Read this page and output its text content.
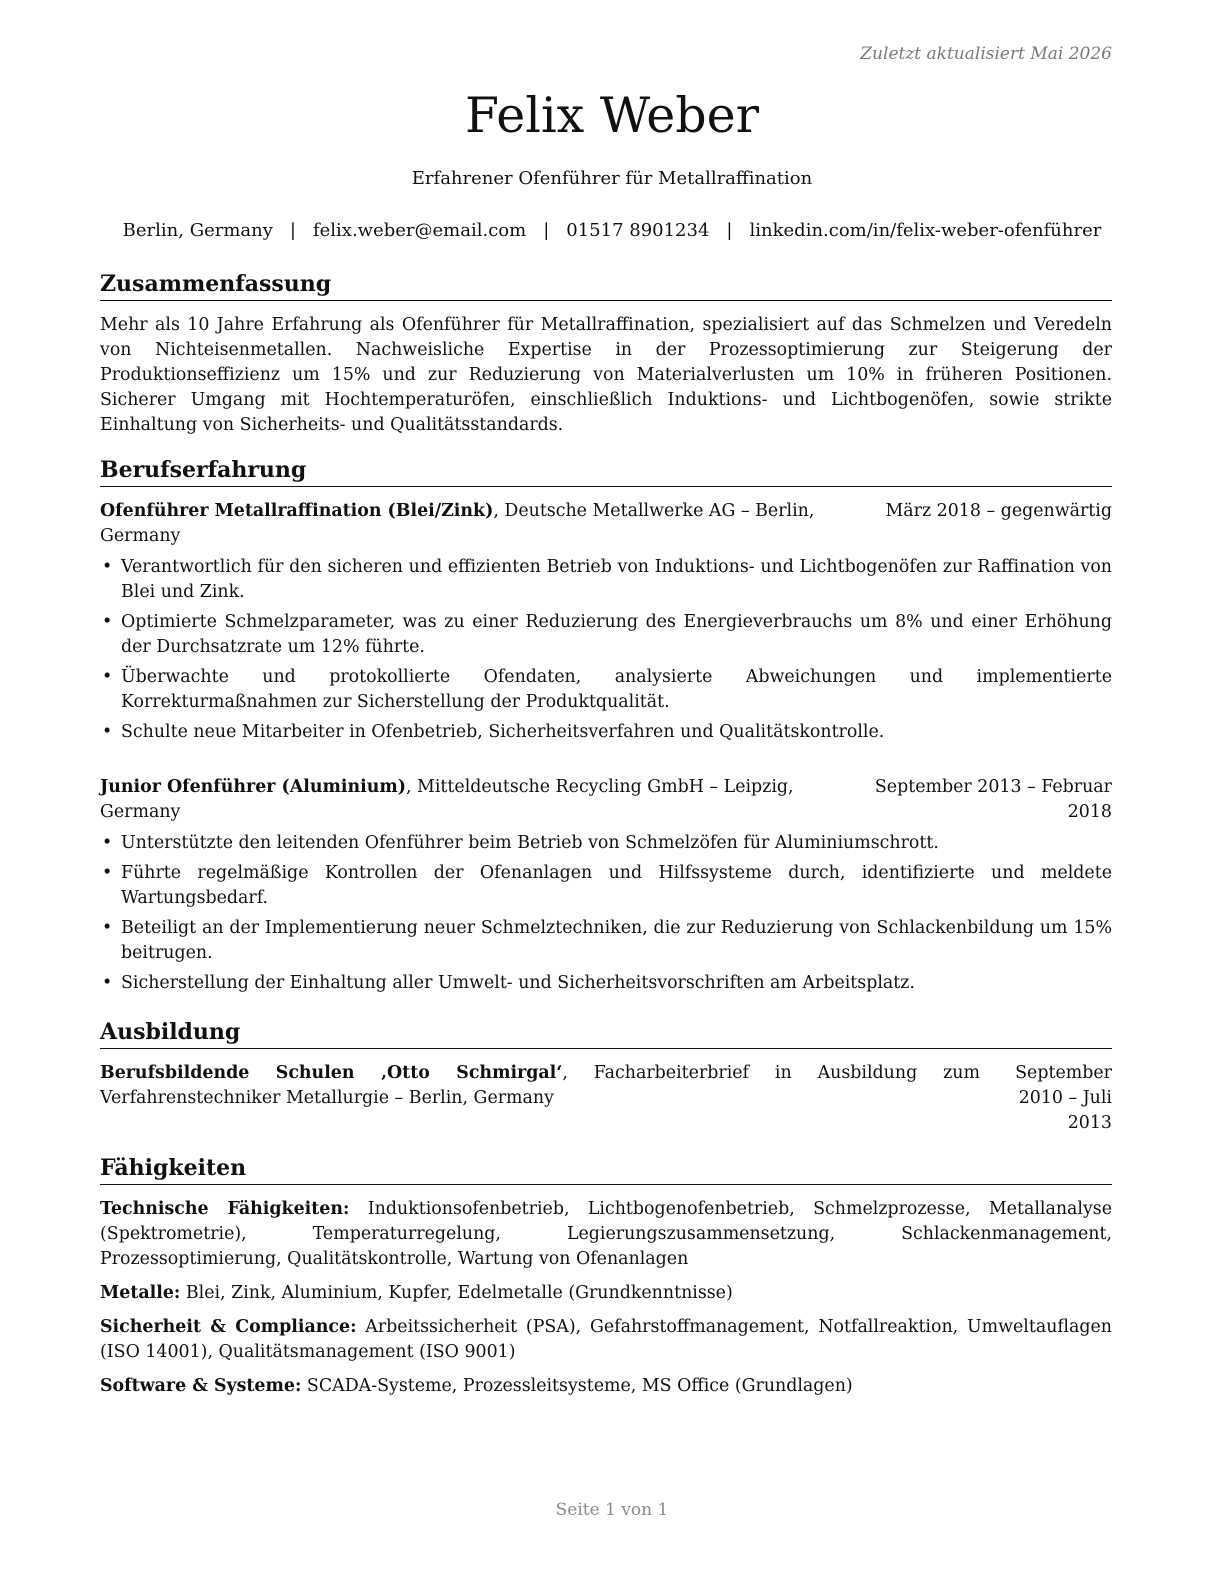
Zuletzt aktualisiert Mai 2026
Felix Weber
Erfahrener Ofenführer für Metallraffination
Berlin, Germany | felix.weber@email.com | 01517 8901234 | linkedin.com/in/felix-weber-ofenführer
Zusammenfassung

Mehr als 10 Jahre Erfahrung als Ofenführer für Metallraffination, spezialisiert auf das Schmelzen und Veredeln von Nichteisenmetallen. Nachweisliche Expertise in der Prozessoptimierung zur Steigerung der Produktionseffizienz um 15% und zur Reduzierung von Materialverlusten um 10% in früheren Positionen. Sicherer Umgang mit Hochtemperaturöfen, einschließlich Induktions- und Lichtbogenöfen, sowie strikte Einhaltung von Sicherheits- und Qualitätsstandards.

Berufserfahrung
Ofenführer Metallraffination (Blei/Zink), Deutsche Metallwerke AG – Berlin, Germany
März 2018 – gegenwärtig
• Verantwortlich für den sicheren und effizienten Betrieb von Induktions- und Lichtbogenöfen zur Raffination von Blei und Zink.
• Optimierte Schmelzparameter, was zu einer Reduzierung des Energieverbrauchs um 8% und einer Erhöhung der Durchsatzrate um 12% führte.
• Überwachte und protokollierte Ofendaten, analysierte Abweichungen und implementierte Korrekturmaßnahmen zur Sicherstellung der Produktqualität.
• Schulte neue Mitarbeiter in Ofenbetrieb, Sicherheitsverfahren und Qualitätskontrolle.
Junior Ofenführer (Aluminium), Mitteldeutsche Recycling GmbH – Leipzig, Germany
September 2013 – Februar 2018
• Unterstützte den leitenden Ofenführer beim Betrieb von Schmelzöfen für Aluminiumschrott.
• Führte regelmäßige Kontrollen der Ofenanlagen und Hilfssysteme durch, identifizierte und meldete Wartungsbedarf.
• Beteiligt an der Implementierung neuer Schmelztechniken, die zur Reduzierung von Schlackenbildung um 15% beitrugen.
• Sicherstellung der Einhaltung aller Umwelt- und Sicherheitsvorschriften am Arbeitsplatz.
Ausbildung
Berufsbildende Schulen ‚Otto Schmirgal‘, Facharbeiterbrief in Ausbildung zum Verfahrenstechniker Metallurgie – Berlin, Germany
September 2010 – Juli 2013
Fähigkeiten

Technische Fähigkeiten: Induktionsofenbetrieb, Lichtbogenofenbetrieb, Schmelzprozesse, Metallanalyse (Spektrometrie), Temperaturregelung, Legierungszusammensetzung, Schlackenmanagement, Prozessoptimierung, Qualitätskontrolle, Wartung von Ofenanlagen

Metalle: Blei, Zink, Aluminium, Kupfer, Edelmetalle (Grundkenntnisse)

Sicherheit & Compliance: Arbeitssicherheit (PSA), Gefahrstoffmanagement, Notfallreaktion, Umweltauflagen (ISO 14001), Qualitätsmanagement (ISO 9001)

Software & Systeme: SCADA-Systeme, Prozessleitsysteme, MS Office (Grundlagen)

Seite 1 von 1
